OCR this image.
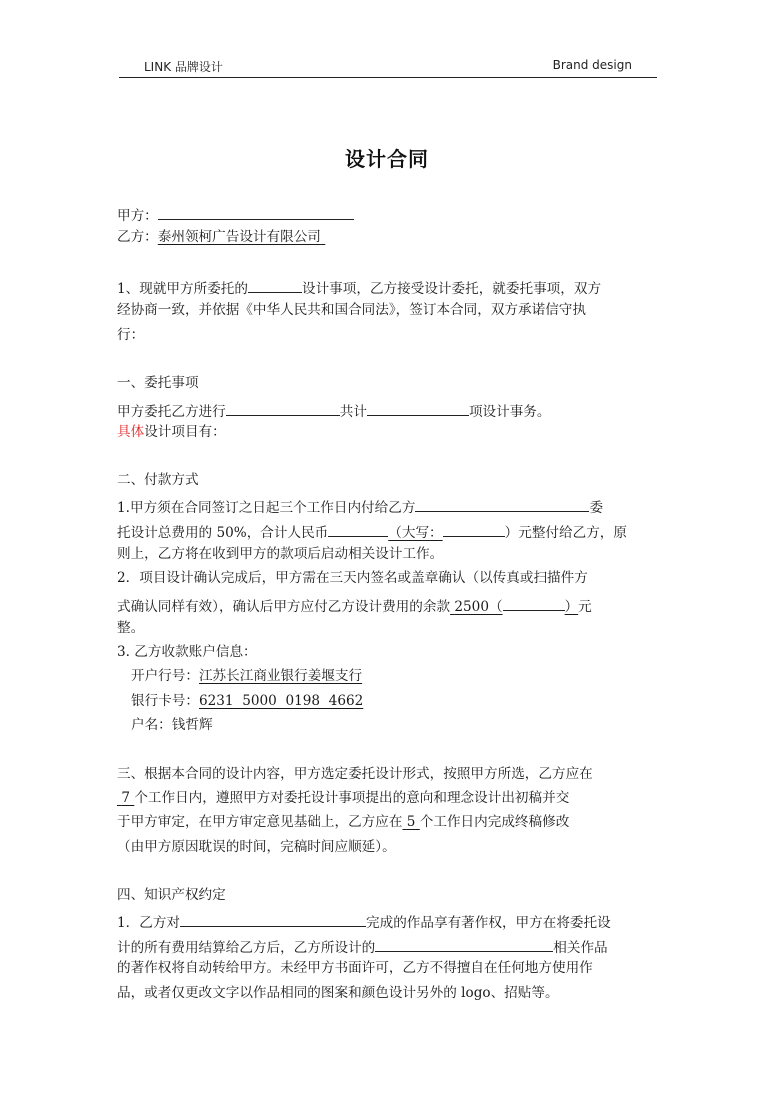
LINK 品牌设计	Brand design
设计合同
甲方：
乙方：泰州领柯广告设计有限公司
1、现就甲方所委托的	设计事项，乙方接受设计委托，就委托事项，双方
经协商一致，并依据《中华人民共和国合同法》，签订本合同，双方承诺信守执
行：
一、委托事项
甲方委托乙方进行	共计	项设计事务。
具体设计项目有：
二、付款方式
1.甲方须在合同签订之日起三个工作日内付给乙方	委
托设计总费用的 50%，合计人民币	（大写：	）元整付给乙方，原
则上，乙方将在收到甲方的款项后启动相关设计工作。
2．项目设计确认完成后，甲方需在三天内签名或盖章确认（以传真或扫描件方
式确认同样有效），确认后甲方应付乙方设计费用的余款 2500（	）元
整。
3. 乙方收款账户信息：
开户行号：江苏长江商业银行姜堰支行
银行卡号：6231  5000  0198  4662
户名：钱哲辉
三、根据本合同的设计内容，甲方选定委托设计形式，按照甲方所选，乙方应在
7 个工作日内，遵照甲方对委托设计事项提出的意向和理念设计出初稿并交
于甲方审定，在甲方审定意见基础上，乙方应在 5 个工作日内完成终稿修改
（由甲方原因耽误的时间，完稿时间应顺延）。
四、知识产权约定
1．乙方对	完成的作品享有著作权，甲方在将委托设
计的所有费用结算给乙方后，乙方所设计的	相关作品
的著作权将自动转给甲方。未经甲方书面许可，乙方不得擅自在任何地方使用作
品，或者仅更改文字以作品相同的图案和颜色设计另外的 logo、招贴等。
